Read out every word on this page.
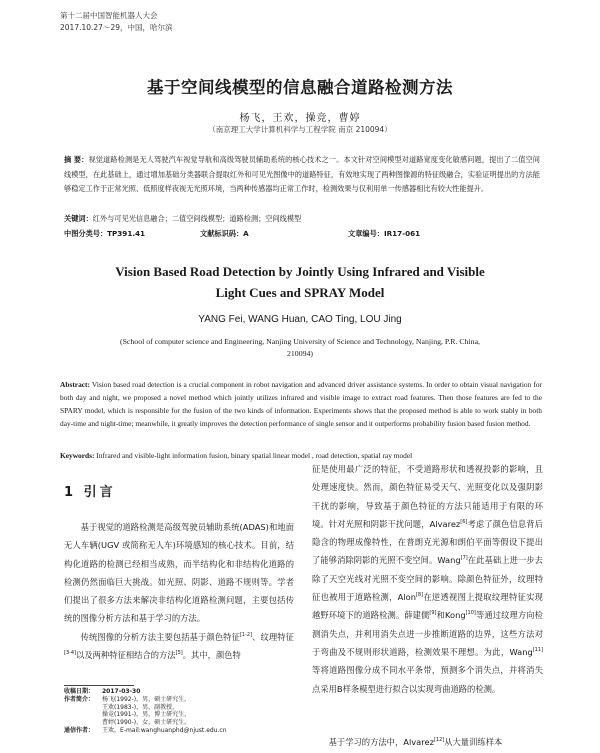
第十二届中国智能机器人大会
2017.10.27～29，中国，哈尔滨
基于空间线模型的信息融合道路检测方法
杨飞，王欢，操竞，曹婷
（南京理工大学计算机科学与工程学院 南京 210094）
摘 要：视觉道路检测是无人驾驶汽车视觉导航和高级驾驶员辅助系统的核心技术之一。本文针对空间模型对道路宽度变化敏感问题，提出了二值空间线模型，在此基础上，通过增加基础分类器联合提取红外和可见光图像中的道路特征，有效地实现了两种图像源的特征级融合，实验证明提出的方法能够稳定工作于正常光照、低照度样夜视无光照环境，当两种传感器均正常工作时，检测效果与仅利用单一传感器相比有较大性能提升。
关键词：红外与可见光信息融合；二值空间线模型；道路检测；空间线模型
中图分类号：TP391.41	文献标识码：A	文章编号：IR17-061
Vision Based Road Detection by Jointly Using Infrared and Visible
Light Cues and SPRAY Model
YANG Fei, WANG Huan, CAO Ting, LOU Jing
(School of computer science and Engineering, Nanjing University of Science and Technology, Nanjing, P.R. China, 210094)
Abstract: Vision based road detection is a crucial component in robot navigation and advanced driver assistance systems. In order to obtain visual navigation for both day and night, we proposed a novel method which jointly utilizes infrared and visible image to extract road features. Then those features are fed to the SPARY model, which is responsible for the fusion of the two kinds of information. Experiments shows that the proposed method is able to work stably in both day-time and night-time; meanwhile, it greatly improves the detection performance of single sensor and it outperforms probability fusion based fusion method.
Keywords: Infrared and visible-light information fusion, binary spatial linear model , road detection, spatial ray model
1 引言
基于视觉的道路检测是高级驾驶员辅助系统(ADAS)和地面无人车辆(UGV 或简称无人车)环境感知的核心技术。目前，结构化道路的检测已经相当成熟，而半结构化和非结构化道路的检测仍然面临巨大挑战。如光照、阴影、道路不规则等。学者们提出了很多方法来解决非结构化道路检测问题，主要包括传统的图像分析方法和基于学习的方法。
传统图像的分析方法主要包括基于颜色特征[1-2]、纹理特征[3-4]以及两种特征相结合的方法[5]。其中，颜色特
征是使用最广泛的特征，不受道路形状和透视投影的影响，且处理速度快。然而，颜色特征易受天气、光照变化以及强阴影干扰的影响，导致基于颜色特征的方法只能适用于有限的环境。针对光照和阴影干扰问题，Alvarez[6]考虑了颜色信息背后隐含的物理成像特性，在普朗克光源和朗伯平面等假设下提出了能够消除阴影的光照不变空间。Wang[7]在此基础上进一步去除了天空光线对光照不变空间的影响。除颜色特征外，纹理特征也被用于道路检测，Alon[8]在逆透视图上提取纹理特征实现越野环境下的道路检测。薛建儒[9]和Kong[10]等通过纹理方向检测消失点，并利用消失点进一步推断道路的边界，这些方法对于弯曲及不规则形状道路，检测效果不理想。为此，Wang[11]等将道路图像分成不同水平条带，预测多个消失点，并将消失点采用B样条模型进行拟合以实现弯曲道路的检测。
基于学习的方法中，Alvarez[12]从大量训练样本
收稿日期：	2017-03-30
作者简介：	杨飞(1992-)，男，硕士研究生，
王欢(1983-)，男，副教授，
操竞(1991-)，男，博士研究生，
曹婷(1990-)，女，硕士研究生。
通信作者：	王欢，E-mail:wanghuanphd@njust.edu.cn
